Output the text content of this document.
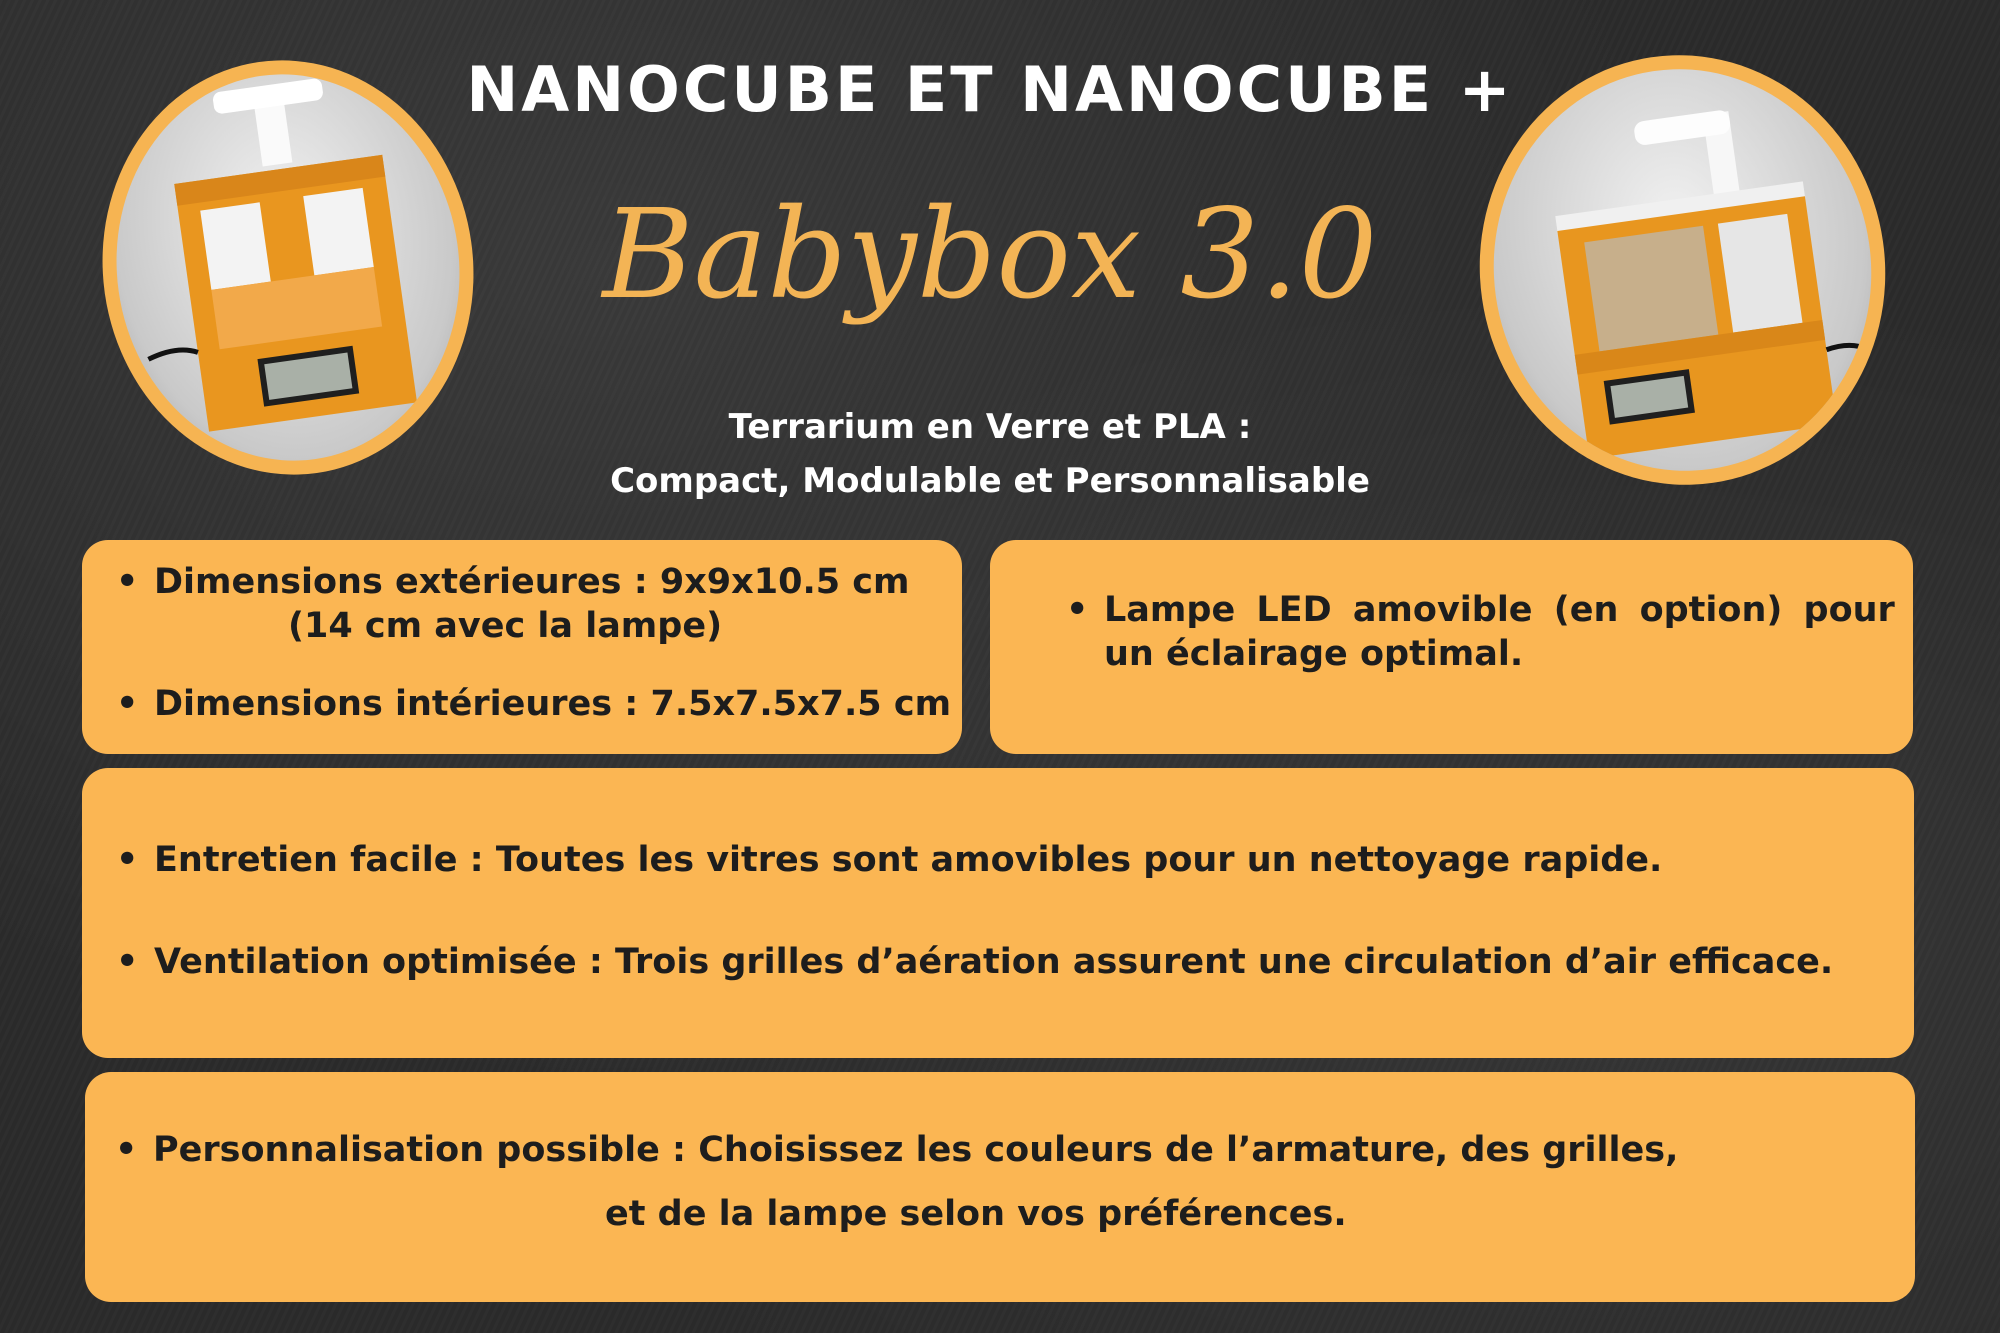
NANOCUBE ET NANOCUBE +
Babybox 3.0
Terrarium en Verre et PLA :
Compact, Modulable et Personnalisable
• Dimensions extérieures : 9x9x10.5 cm
(14 cm avec la lampe)
• Dimensions intérieures : 7.5x7.5x7.5 cm
• Lampe LED amovible (en option) pour
un éclairage optimal.
• Entretien facile : Toutes les vitres sont amovibles pour un nettoyage rapide.
• Ventilation optimisée : Trois grilles d’aération assurent une circulation d’air efficace.
• Personnalisation possible : Choisissez les couleurs de l’armature, des grilles,
et de la lampe selon vos préférences.
